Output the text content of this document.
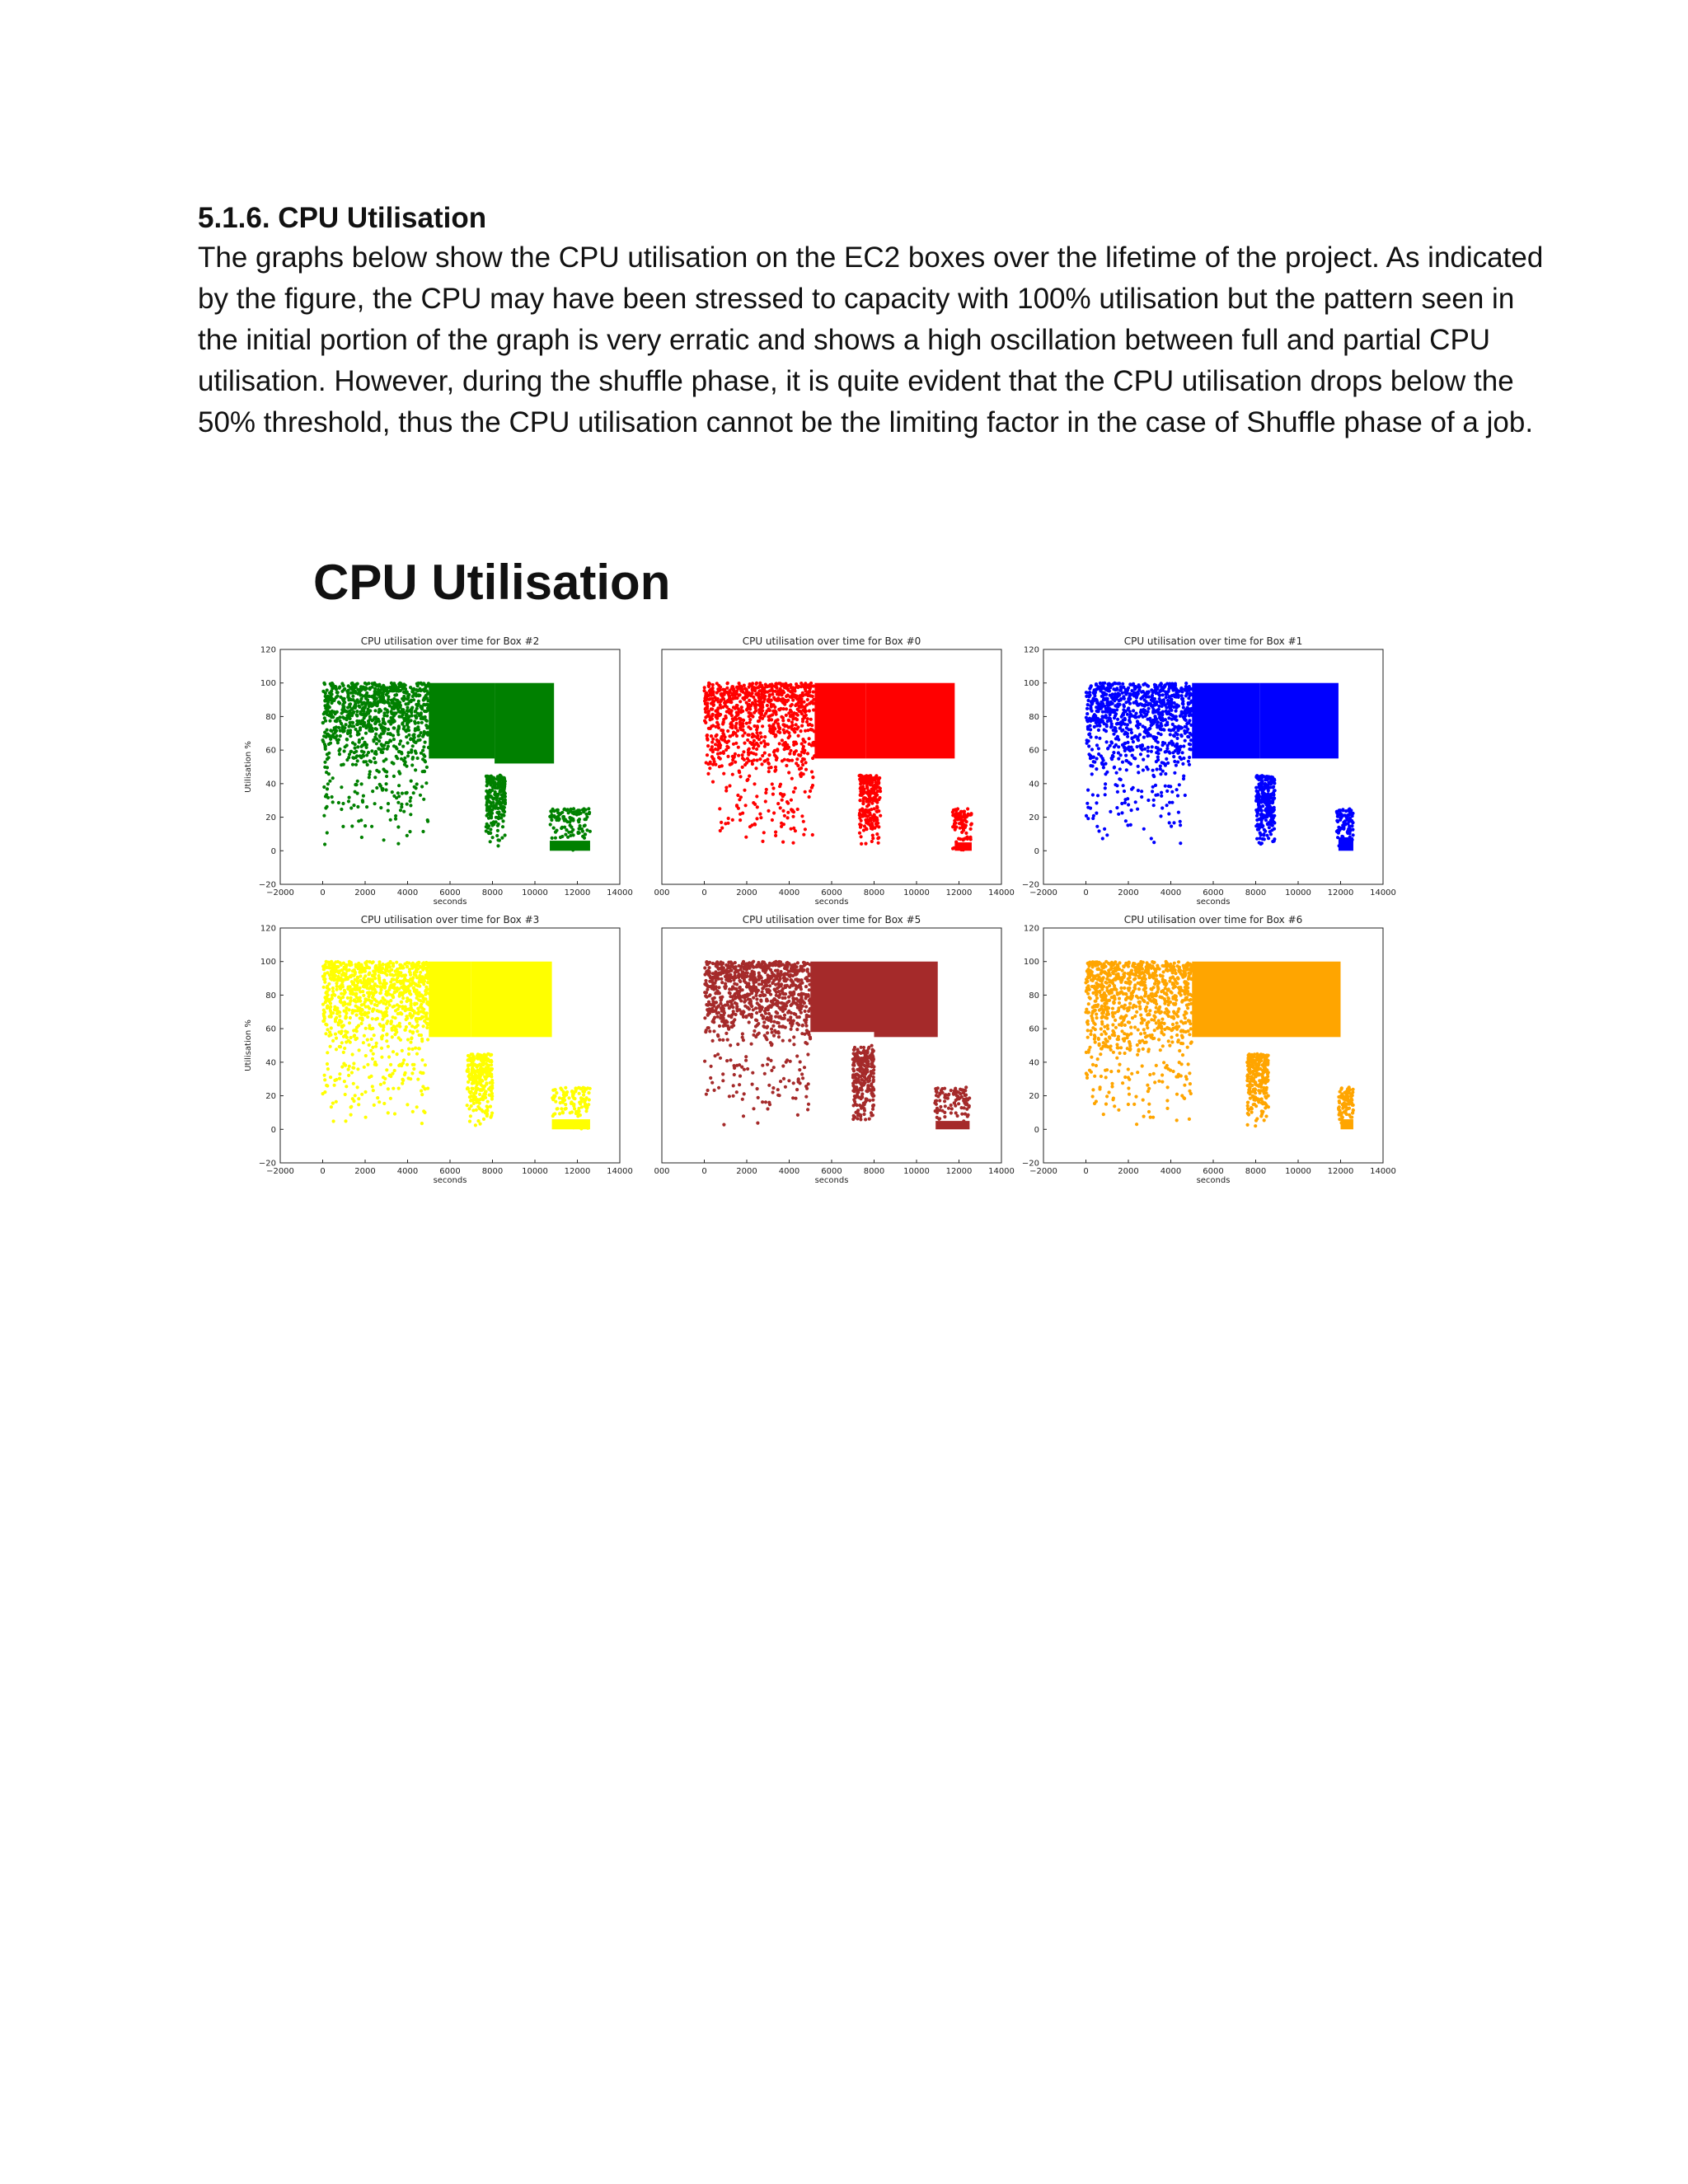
5.1.6. CPU Utilisation

The graphs below show the CPU utilisation on the EC2 boxes over the lifetime of the project. As indicated by the figure, the CPU may have been stressed to capacity with 100% utilisation but the pattern seen in the initial portion of the graph is very erratic and shows a high oscillation between full and partial CPU utilisation. However, during the shuffle phase, it is quite evident that the CPU utilisation drops below the 50% threshold, thus the CPU utilisation cannot be the limiting factor in the case of Shuffle phase of a job.

CPU Utilisation
CPU utilisation over time for Box #2
−2000	0	2000	4000	6000	8000 10000 12000 14000
seconds
−20
0
20
40
60
80
100
120
Utilisation %
CPU utilisation over time for Box #0
000	0	2000	4000	6000	8000 10000 12000 14000
seconds
CPU utilisation over time for Box #1
−2000	0	2000	4000	6000	8000 10000 12000 14000
seconds
−20
0
20
40
60
80
100
120
CPU utilisation over time for Box #3
−2000	0	2000	4000	6000	8000 10000 12000 14000
seconds
−20
0
20
40
60
80
100
120
Utilisation %
CPU utilisation over time for Box #5
000	0	2000	4000	6000	8000 10000 12000 14000
seconds
CPU utilisation over time for Box #6
−2000	0	2000	4000	6000	8000 10000 12000 14000
seconds
−20
0
20
40
60
80
100
120
